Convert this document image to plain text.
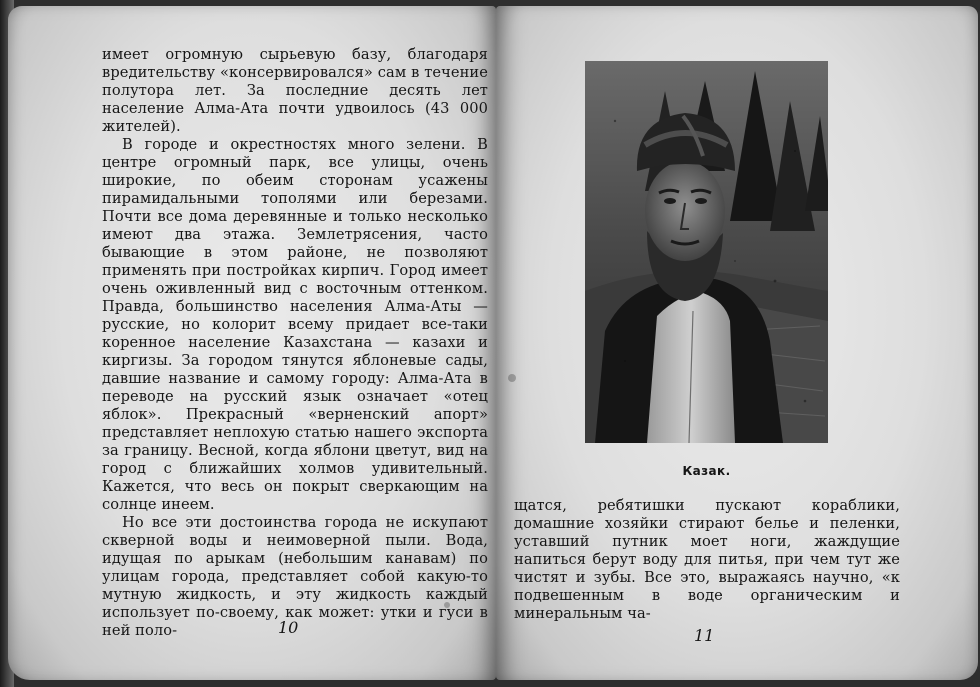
имеет огромную сырьевую базу, благодаря вредительству «консервировался» сам в течение полутора лет. За последние десять лет население Алма-Ата почти удвоилось (43 000 жителей).

В городе и окрестностях много зелени. В центре огромный парк, все улицы, очень широкие, по обеим сторонам усажены пирамидальными тополями или березами. Почти все дома деревянные и только несколько имеют два этажа. Землетрясения, часто бывающие в этом районе, не позволяют применять при постройках кирпич. Город имеет очень оживленный вид с восточным оттенком. Правда, большинство населения Алма-Аты — русские, но колорит всему придает все-таки коренное население Казахстана — казахи и киргизы. За городом тянутся яблоневые сады, давшие название и самому городу: Алма-Ата в переводе на русский язык означает «отец яблок». Прекрасный «верненский апорт» представляет неплохую статью нашего экспорта за границу. Весной, когда яблони цветут, вид на город с ближайших холмов удивительный. Кажется, что весь он покрыт сверкающим на солнце инеем.

Но все эти достоинства города не искупают скверной воды и неимоверной пыли. Вода, идущая по арыкам (небольшим канавам) по улицам города, представляет собой какую-то мутную жидкость, и эту жидкость каждый использует по-своему, как может: утки и гуси в ней поло-	10
Казак.

щатся, ребятишки пускают кораблики, домашние хозяйки стирают белье и пеленки, уставший путник моет ноги, жаждущие напиться берут воду для питья, при чем тут же чистят и зубы. Все это, выражаясь научно, «к подвешенным в воде органическим и минеральным ча-

11
